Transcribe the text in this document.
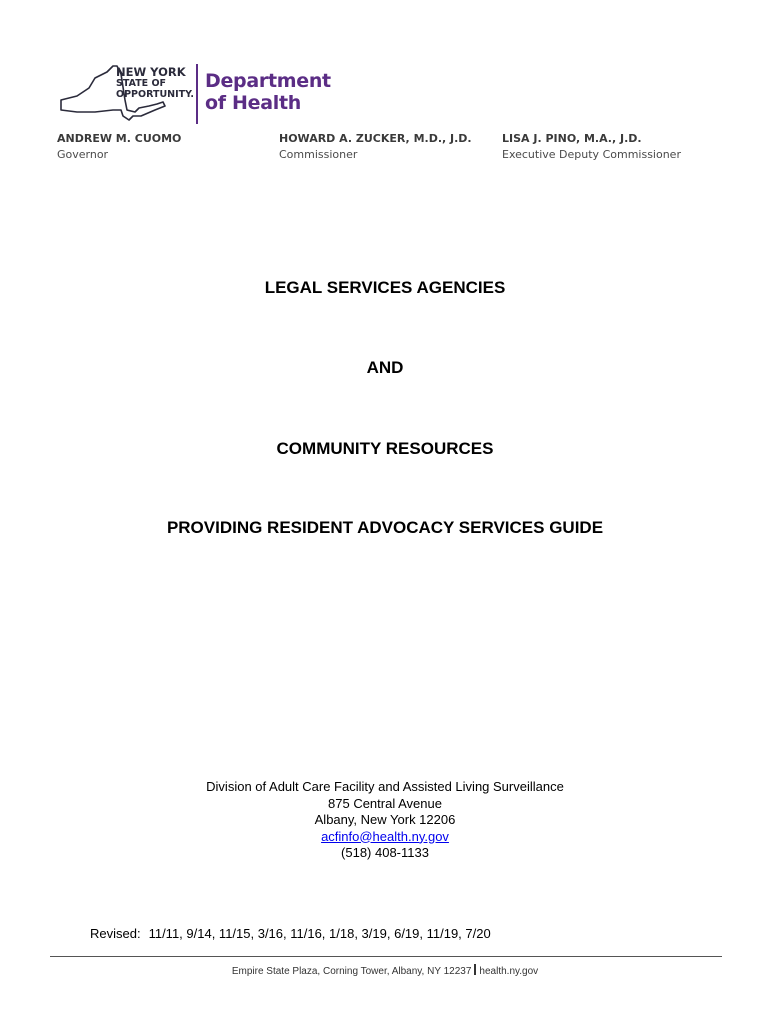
NEW YORK
STATE OF
OPPORTUNITY.
Department
of Health
ANDREW M. CUOMO
Governor
HOWARD A. ZUCKER, M.D., J.D.
Commissioner
LISA J. PINO, M.A., J.D.
Executive Deputy Commissioner
LEGAL SERVICES AGENCIES
AND
COMMUNITY RESOURCES
PROVIDING RESIDENT ADVOCACY SERVICES GUIDE
Division of Adult Care Facility and Assisted Living Surveillance
875 Central Avenue
Albany, New York 12206
acfinfo@health.ny.gov
(518) 408-1133
Revised: 11/11, 9/14, 11/15, 3/16, 11/16, 1/18, 3/19, 6/19, 11/19, 7/20
Empire State Plaza, Corning Tower, Albany, NY 12237 health.ny.gov
